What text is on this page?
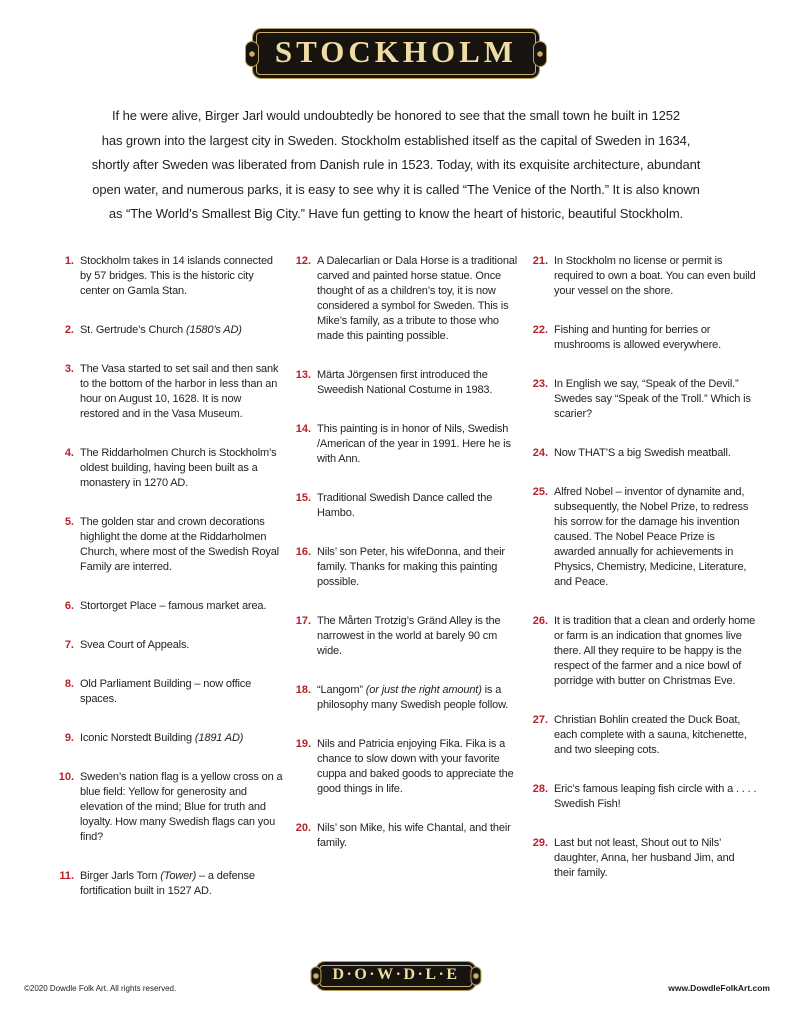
STOCKHOLM

If he were alive, Birger Jarl would undoubtedly be honored to see that the small town he built in 1252
has grown into the largest city in Sweden. Stockholm established itself as the capital of Sweden in 1634,
shortly after Sweden was liberated from Danish rule in 1523. Today, with its exquisite architecture, abundant
open water, and numerous parks, it is easy to see why it is called “The Venice of the North.” It is also known
as “The World’s Smallest Big City.” Have fun getting to know the heart of historic, beautiful Stockholm.

1. Stockholm takes in 14 islands connected by 57 bridges. This is the historic city center on Gamla Stan.
2. St. Gertrude’s Church (1580’s AD)
3. The Vasa started to set sail and then sank to the bottom of the harbor in less than an hour on August 10, 1628. It is now restored and in the Vasa Museum.
4. The Riddarholmen Church is Stockholm’s oldest building, having been built as a monastery in 1270 AD.
5. The golden star and crown decorations highlight the dome at the Riddarholmen Church, where most of the Swedish Royal Family are interred.
6. Stortorget Place – famous market area.
7. Svea Court of Appeals.
8. Old Parliament Building – now office spaces.
9. Iconic Norstedt Building (1891 AD)
10. Sweden’s nation flag is a yellow cross on a blue field: Yellow for generosity and elevation of the mind; Blue for truth and loyalty. How many Swedish flags can you find?
11. Birger Jarls Torn (Tower) – a defense fortification built in 1527 AD.
12. A Dalecarlian or Dala Horse is a traditional carved and painted horse statue. Once thought of as a children’s toy, it is now considered a symbol for Sweden. This is Mike’s family, as a tribute to those who made this painting possible.
13. Märta Jörgensen first introduced the Sweedish National Costume in 1983.
14. This painting is in honor of Nils, Swedish /American of the year in 1991. Here he is with Ann.
15. Traditional Swedish Dance called the Hambo.
16. Nils’ son Peter, his wifeDonna, and their family. Thanks for making this painting possible.
17. The Mårten Trotzig’s Gränd Alley is the narrowest in the world at barely 90 cm wide.
18. “Langom” (or just the right amount) is a philosophy many Swedish people follow.
19. Nils and Patricia enjoying Fika. Fika is a chance to slow down with your favorite cuppa and baked goods to appreciate the good things in life.
20. Nils’ son Mike, his wife Chantal, and their family.
21. In Stockholm no license or permit is required to own a boat. You can even build your vessel on the shore.
22. Fishing and hunting for berries or mushrooms is allowed everywhere.
23. In English we say, “Speak of the Devil.” Swedes say “Speak of the Troll.” Which is scarier?
24. Now THAT’S a big Swedish meatball.
25. Alfred Nobel – inventor of dynamite and, subsequently, the Nobel Prize, to redress his sorrow for the damage his invention caused. The Nobel Peace Prize is awarded annually for achievements in Physics, Chemistry, Medicine, Literature, and Peace.
26. It is tradition that a clean and orderly home or farm is an indication that gnomes live there. All they require to be happy is the respect of the farmer and a nice bowl of porridge with butter on Christmas Eve.
27. Christian Bohlin created the Duck Boat, each complete with a sauna, kitchenette, and two sleeping cots.
28. Eric’s famous leaping fish circle with a . . . . Swedish Fish!
29. Last but not least, Shout out to Nils’ daughter, Anna, her husband Jim, and their family.
D·O·W·D·L·E
©2020 Dowdle Folk Art. All rights reserved.	www.DowdleFolkArt.com
